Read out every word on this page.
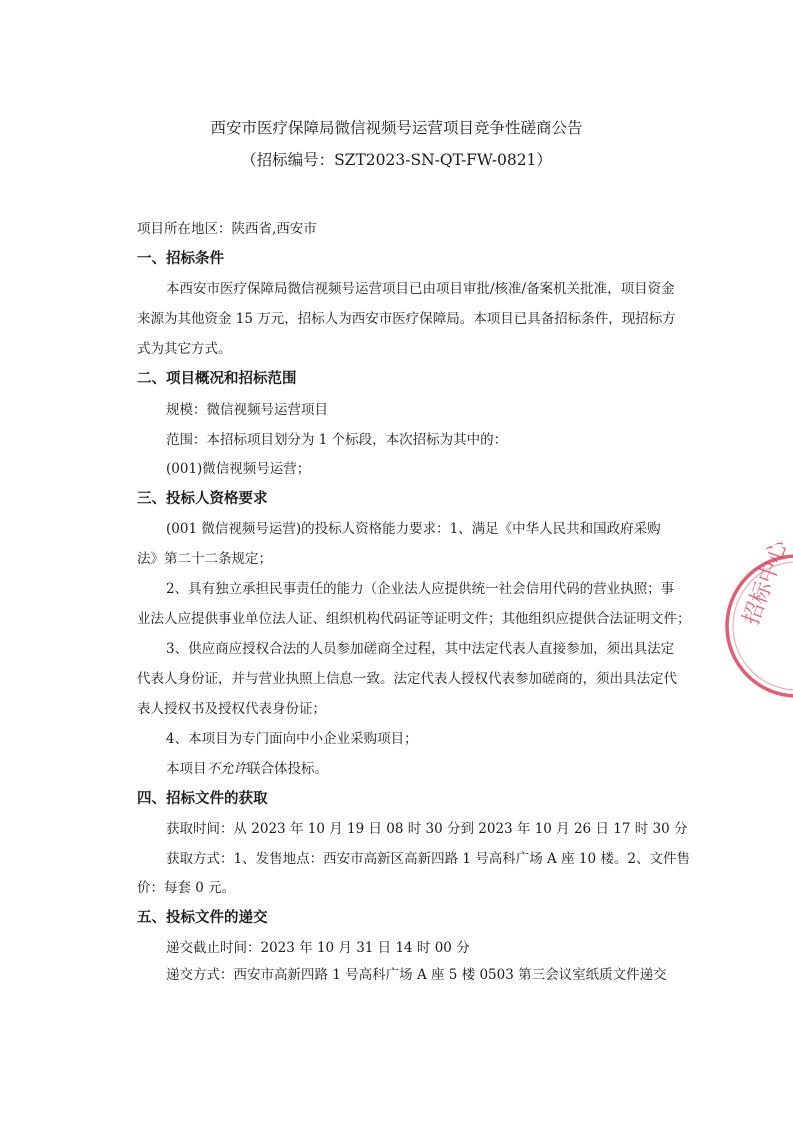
西安市医疗保障局微信视频号运营项目竞争性磋商公告
（招标编号：SZT2023-SN-QT-FW-0821）
项目所在地区：陕西省,西安市
一、招标条件
本西安市医疗保障局微信视频号运营项目已由项目审批/核准/备案机关批准，项目资金
来源为其他资金 15 万元，招标人为西安市医疗保障局。本项目已具备招标条件，现招标方
式为其它方式。
二、项目概况和招标范围
规模：微信视频号运营项目
范围：本招标项目划分为 1 个标段，本次招标为其中的：
(001)微信视频号运营；
三、投标人资格要求
(001 微信视频号运营)的投标人资格能力要求：1、满足《中华人民共和国政府采购
法》第二十二条规定；
2、具有独立承担民事责任的能力（企业法人应提供统一社会信用代码的营业执照；事
业法人应提供事业单位法人证、组织机构代码证等证明文件；其他组织应提供合法证明文件；
3、供应商应授权合法的人员参加磋商全过程，其中法定代表人直接参加，须出具法定
代表人身份证，并与营业执照上信息一致。法定代表人授权代表参加磋商的，须出具法定代
表人授权书及授权代表身份证；
4、本项目为专门面向中小企业采购项目；
本项目不允许联合体投标。
四、招标文件的获取
获取时间：从 2023 年 10 月 19 日 08 时 30 分到 2023 年 10 月 26 日 17 时 30 分
获取方式：1、发售地点：西安市高新区高新四路 1 号高科广场 A 座 10 楼。2、文件售
价：每套 0 元。
五、投标文件的递交
递交截止时间：2023 年 10 月 31 日 14 时 00 分
递交方式：西安市高新四路 1 号高科广场 A 座 5 楼 0503 第三会议室纸质文件递交
招标中心
